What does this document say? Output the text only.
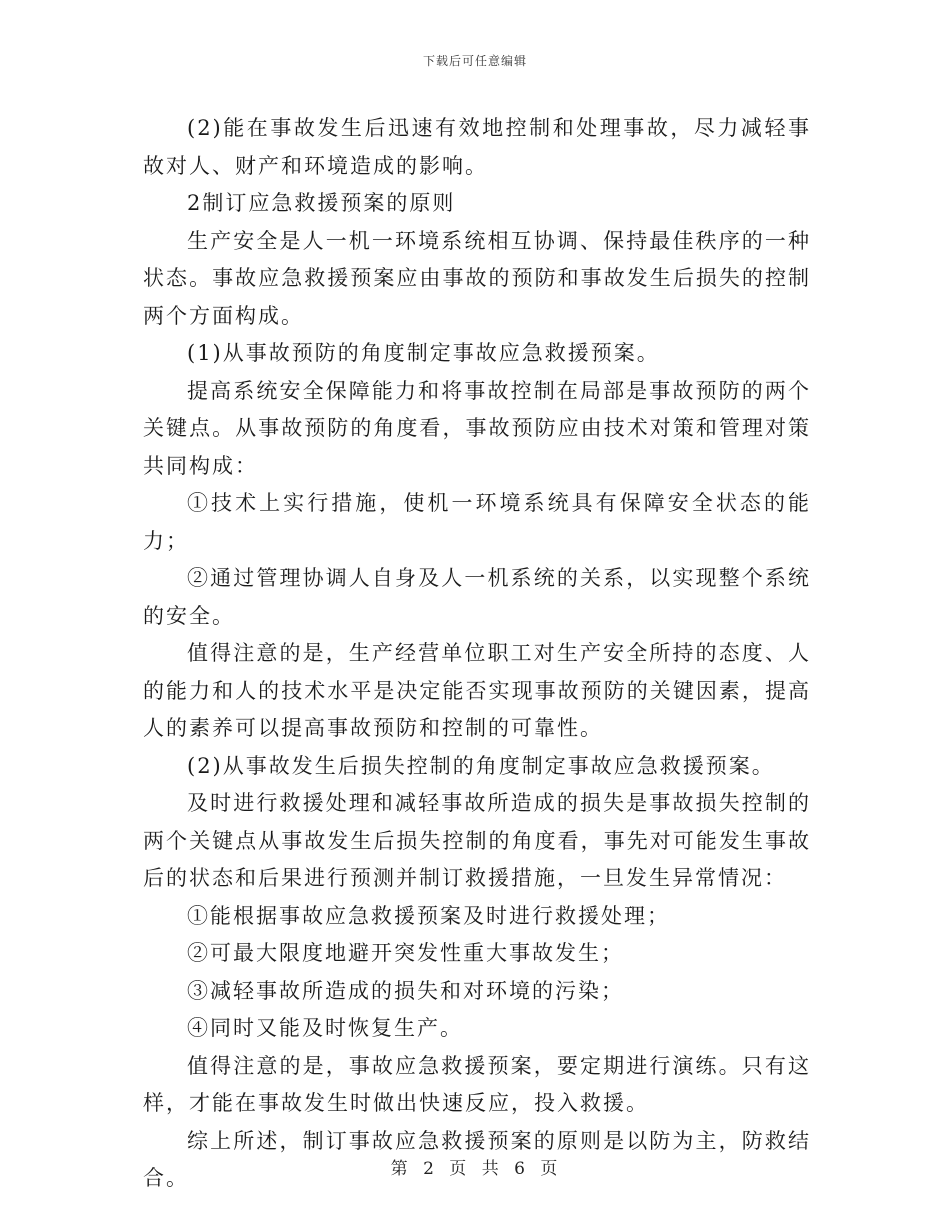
下载后可任意编辑

(2)能在事故发生后迅速有效地控制和处理事故，尽力减轻事故对人、财产和环境造成的影响。

2制订应急救援预案的原则

生产安全是人一机一环境系统相互协调、保持最佳秩序的一种状态。事故应急救援预案应由事故的预防和事故发生后损失的控制两个方面构成。

(1)从事故预防的角度制定事故应急救援预案。

提高系统安全保障能力和将事故控制在局部是事故预防的两个关键点。从事故预防的角度看，事故预防应由技术对策和管理对策共同构成：

①技术上实行措施，使机一环境系统具有保障安全状态的能力；

②通过管理协调人自身及人一机系统的关系，以实现整个系统的安全。

值得注意的是，生产经营单位职工对生产安全所持的态度、人的能力和人的技术水平是决定能否实现事故预防的关键因素，提高人的素养可以提高事故预防和控制的可靠性。

(2)从事故发生后损失控制的角度制定事故应急救援预案。

及时进行救援处理和减轻事故所造成的损失是事故损失控制的两个关键点从事故发生后损失控制的角度看，事先对可能发生事故后的状态和后果进行预测并制订救援措施，一旦发生异常情况：

①能根据事故应急救援预案及时进行救援处理；

②可最大限度地避开突发性重大事故发生；

③减轻事故所造成的损失和对环境的污染；

④同时又能及时恢复生产。

值得注意的是，事故应急救援预案，要定期进行演练。只有这样，才能在事故发生时做出快速反应，投入救援。

综上所述，制订事故应急救援预案的原则是以防为主，防救结合。	第 2 页 共 6 页
